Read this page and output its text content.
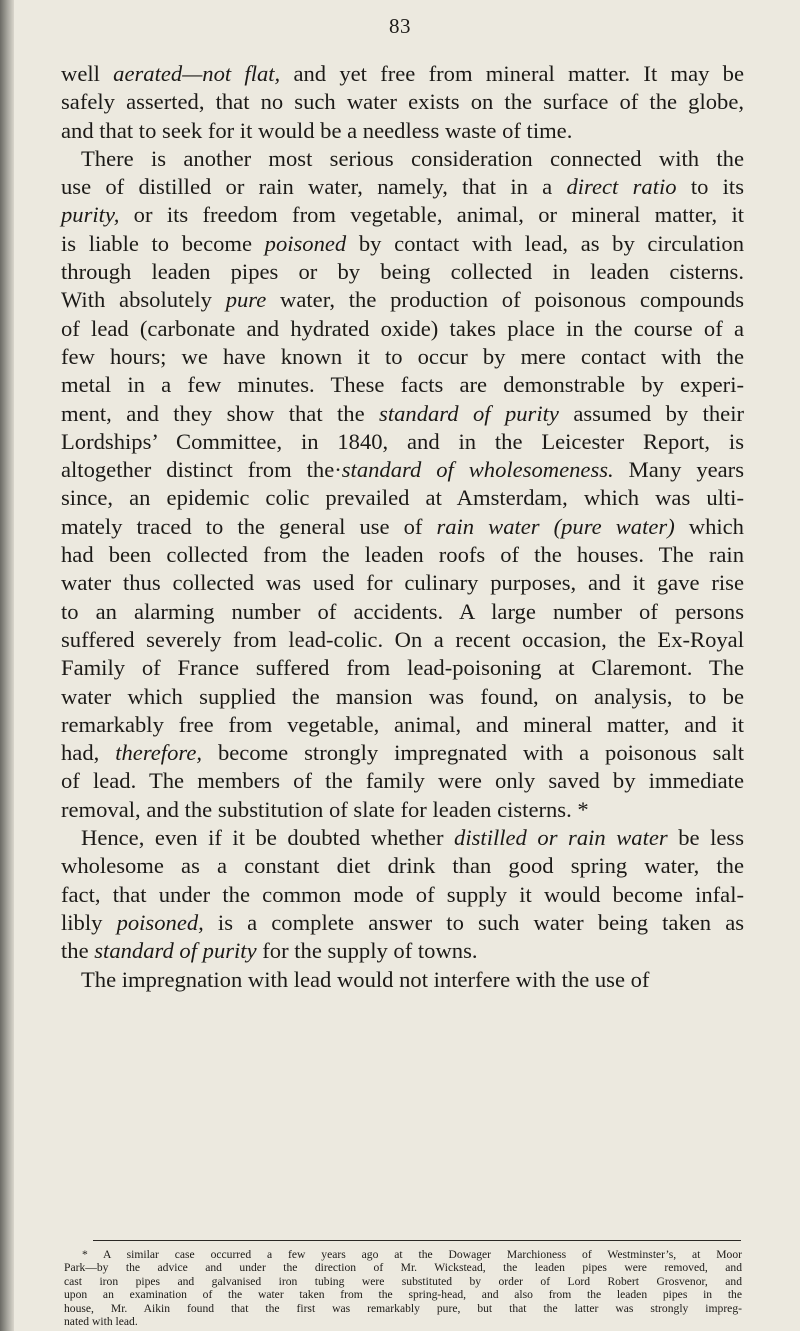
83
well aerated—not flat, and yet free from mineral matter. It may be
safely asserted, that no such water exists on the surface of the globe,
and that to seek for it would be a needless waste of time.
There is another most serious consideration connected with the
use of distilled or rain water, namely, that in a direct ratio to its
purity, or its freedom from vegetable, animal, or mineral matter, it
is liable to become poisoned by contact with lead, as by circulation
through leaden pipes or by being collected in leaden cisterns.
With absolutely pure water, the production of poisonous compounds
of lead (carbonate and hydrated oxide) takes place in the course of a
few hours; we have known it to occur by mere contact with the
metal in a few minutes. These facts are demonstrable by experi-
ment, and they show that the standard of purity assumed by their
Lordships’ Committee, in 1840, and in the Leicester Report, is
altogether distinct from the·standard of wholesomeness. Many years
since, an epidemic colic prevailed at Amsterdam, which was ulti-
mately traced to the general use of rain water (pure water) which
had been collected from the leaden roofs of the houses. The rain
water thus collected was used for culinary purposes, and it gave rise
to an alarming number of accidents. A large number of persons
suffered severely from lead-colic. On a recent occasion, the Ex-Royal
Family of France suffered from lead-poisoning at Claremont. The
water which supplied the mansion was found, on analysis, to be
remarkably free from vegetable, animal, and mineral matter, and it
had, therefore, become strongly impregnated with a poisonous salt
of lead. The members of the family were only saved by immediate
removal, and the substitution of slate for leaden cisterns. *
Hence, even if it be doubted whether distilled or rain water be less
wholesome as a constant diet drink than good spring water, the
fact, that under the common mode of supply it would become infal-
libly poisoned, is a complete answer to such water being taken as
the standard of purity for the supply of towns.
The impregnation with lead would not interfere with the use of
* A similar case occurred a few years ago at the Dowager Marchioness of Westminster’s, at Moor
Park—by the advice and under the direction of Mr. Wickstead, the leaden pipes were removed, and
cast iron pipes and galvanised iron tubing were substituted by order of Lord Robert Grosvenor, and
upon an examination of the water taken from the spring-head, and also from the leaden pipes in the
house, Mr. Aikin found that the first was remarkably pure, but that the latter was strongly impreg-
nated with lead.
